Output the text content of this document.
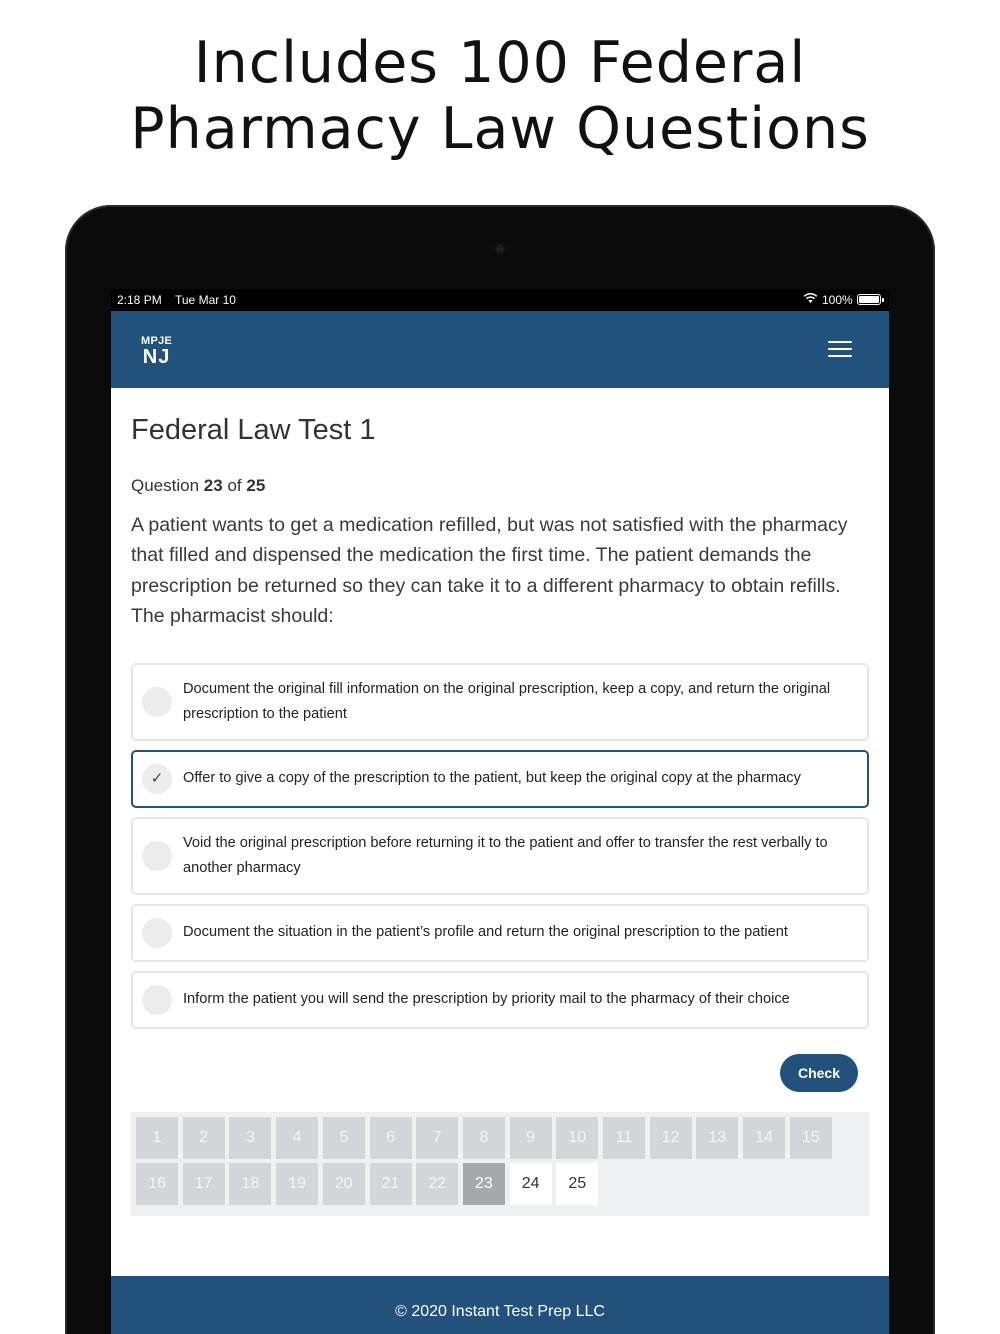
Includes 100 Federal
Pharmacy Law Questions
2:18 PM Tue Mar 10	100%
MPJE
NJ
Federal Law Test 1
Question 23 of 25
A patient wants to get a medication refilled, but was not satisfied with the pharmacy that filled and dispensed the medication the first time. The patient demands the prescription be returned so they can take it to a different pharmacy to obtain refills. The pharmacist should:
Document the original fill information on the original prescription, keep a copy, and return the original prescription to the patient
✓	Offer to give a copy of the prescription to the patient, but keep the original copy at the pharmacy
Void the original prescription before returning it to the patient and offer to transfer the rest verbally to another pharmacy
Document the situation in the patient’s profile and return the original prescription to the patient
Inform the patient you will send the prescription by priority mail to the pharmacy of their choice
Check
1	2	3	4	5	6	7	8	9	10	11	12	13	14	15
16	17	18	19	20	21	22	23	24	25
© 2020 Instant Test Prep LLC
